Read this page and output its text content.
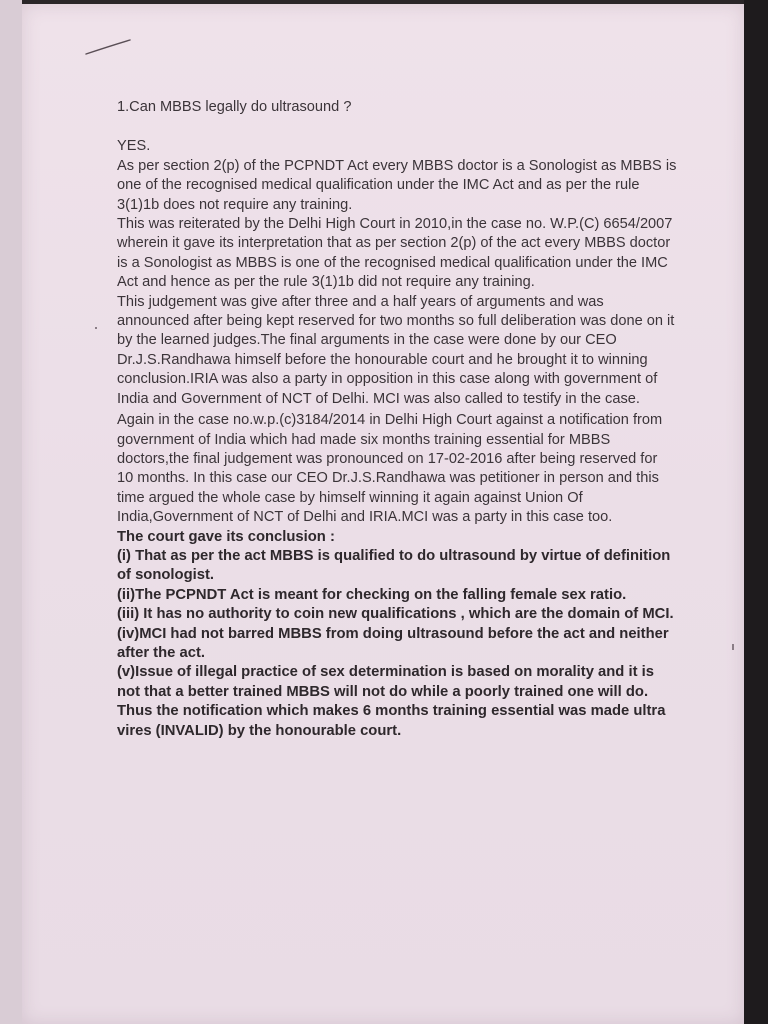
1.Can MBBS legally do ultrasound ?

YES.

As per section 2(p) of the PCPNDT Act every MBBS doctor is a Sonologist as MBBS is one of the recognised medical qualification under the IMC Act and as per the rule 3(1)1b does not require any training.

This was reiterated by the Delhi High Court in 2010,in the case no. W.P.(C) 6654/2007 wherein it gave its interpretation that as per section 2(p) of the act every MBBS doctor is a Sonologist as MBBS is one of the recognised medical qualification under the IMC Act and hence as per the rule 3(1)1b did not require any training.

This judgement was give after three and a half years of arguments and was announced after being kept reserved for two months so full deliberation was done on it by the learned judges.The final arguments in the case were done by our CEO Dr.J.S.Randhawa himself before the honourable court and he brought it to winning conclusion.IRIA was also a party in opposition in this case along with government of India and Government of NCT of Delhi. MCI was also called to testify in the case.

Again in the case no.w.p.(c)3184/2014 in Delhi High Court against a notification from government of India which had made six months training essential for MBBS doctors,the final judgement was pronounced on 17-02-2016 after being reserved for 10 months. In this case our CEO Dr.J.S.Randhawa was petitioner in person and this time argued the whole case by himself winning it again against Union Of India,Government of NCT of Delhi and IRIA.MCI was a party in this case too.

The court gave its conclusion :

(i) That as per the act MBBS is qualified to do ultrasound by virtue of definition of sonologist.

(ii)The PCPNDT Act is meant for checking on the falling female sex ratio.

(iii) It has no authority to coin new qualifications , which are the domain of MCI.

(iv)MCI had not barred MBBS from doing ultrasound before the act and neither after the act.

(v)Issue of illegal practice of sex determination is based on morality and it is not that a better trained MBBS will not do while a poorly trained one will do.

Thus the notification which makes 6 months training essential was made ultra vires (INVALID) by the honourable court.
